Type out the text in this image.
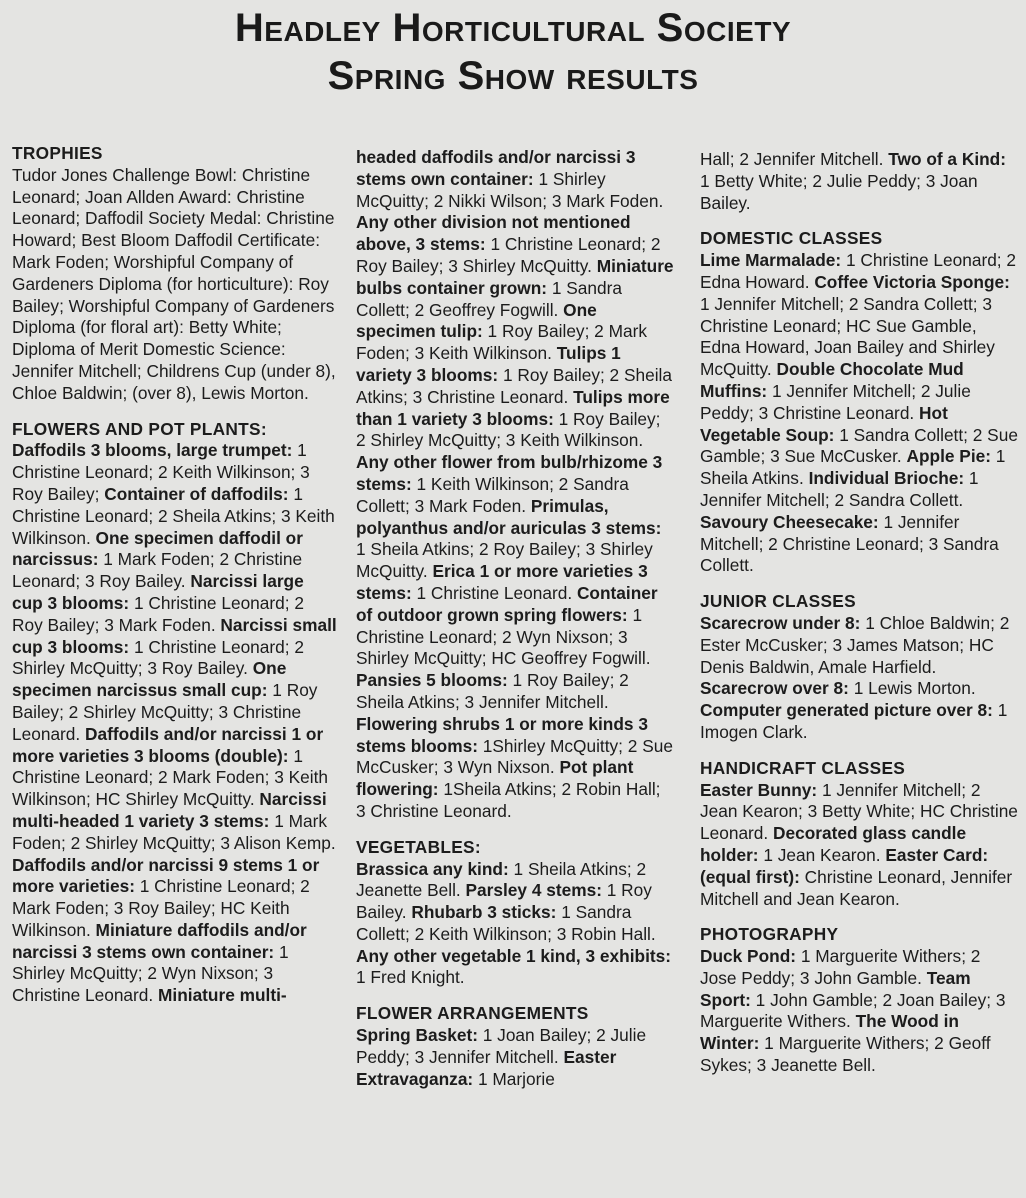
Headley Horticultural Society
Spring Show results
TROPHIES
Tudor Jones Challenge Bowl: Christine Leonard; Joan Allden Award: Christine Leonard; Daffodil Society Medal: Christine Howard; Best Bloom Daffodil Certificate: Mark Foden; Worshipful Company of Gardeners Diploma (for horticulture): Roy Bailey; Worshipful Company of Gardeners Diploma (for floral art): Betty White; Diploma of Merit Domestic Science: Jennifer Mitchell; Childrens Cup (under 8), Chloe Baldwin; (over 8), Lewis Morton.
FLOWERS AND POT PLANTS:
Daffodils 3 blooms, large trumpet: 1 Christine Leonard; 2 Keith Wilkinson; 3 Roy Bailey; Container of daffodils: 1 Christine Leonard; 2 Sheila Atkins; 3 Keith Wilkinson. One specimen daffodil or narcissus: 1 Mark Foden; 2 Christine Leonard; 3 Roy Bailey. Narcissi large cup 3 blooms: 1 Christine Leonard; 2 Roy Bailey; 3 Mark Foden. Narcissi small cup 3 blooms: 1 Christine Leonard; 2 Shirley McQuitty; 3 Roy Bailey. One specimen narcissus small cup: 1 Roy Bailey; 2 Shirley McQuitty; 3 Christine Leonard. Daffodils and/or narcissi 1 or more varieties 3 blooms (double): 1 Christine Leonard; 2 Mark Foden; 3 Keith Wilkinson; HC Shirley McQuitty. Narcissi multi-headed 1 variety 3 stems: 1 Mark Foden; 2 Shirley McQuitty; 3 Alison Kemp. Daffodils and/or narcissi 9 stems 1 or more varieties: 1 Christine Leonard; 2 Mark Foden; 3 Roy Bailey; HC Keith Wilkinson. Miniature daffodils and/or narcissi 3 stems own container: 1 Shirley McQuitty; 2 Wyn Nixson; 3 Christine Leonard. Miniature multi-
headed daffodils and/or narcissi 3 stems own container: 1 Shirley McQuitty; 2 Nikki Wilson; 3 Mark Foden. Any other division not mentioned above, 3 stems: 1 Christine Leonard; 2 Roy Bailey; 3 Shirley McQuitty. Miniature bulbs container grown: 1 Sandra Collett; 2 Geoffrey Fogwill. One specimen tulip: 1 Roy Bailey; 2 Mark Foden; 3 Keith Wilkinson. Tulips 1 variety 3 blooms: 1 Roy Bailey; 2 Sheila Atkins; 3 Christine Leonard. Tulips more than 1 variety 3 blooms: 1 Roy Bailey; 2 Shirley McQuitty; 3 Keith Wilkinson. Any other flower from bulb/rhizome 3 stems: 1 Keith Wilkinson; 2 Sandra Collett; 3 Mark Foden. Primulas, polyanthus and/or auriculas 3 stems: 1 Sheila Atkins; 2 Roy Bailey; 3 Shirley McQuitty. Erica 1 or more varieties 3 stems: 1 Christine Leonard. Container of outdoor grown spring flowers: 1 Christine Leonard; 2 Wyn Nixson; 3 Shirley McQuitty; HC Geoffrey Fogwill. Pansies 5 blooms: 1 Roy Bailey; 2 Sheila Atkins; 3 Jennifer Mitchell. Flowering shrubs 1 or more kinds 3 stems blooms: 1Shirley McQuitty; 2 Sue McCusker; 3 Wyn Nixson. Pot plant flowering: 1Sheila Atkins; 2 Robin Hall; 3 Christine Leonard.
VEGETABLES:
Brassica any kind: 1 Sheila Atkins; 2 Jeanette Bell. Parsley 4 stems: 1 Roy Bailey. Rhubarb 3 sticks: 1 Sandra Collett; 2 Keith Wilkinson; 3 Robin Hall. Any other vegetable 1 kind, 3 exhibits: 1 Fred Knight.
FLOWER ARRANGEMENTS
Spring Basket: 1 Joan Bailey; 2 Julie Peddy; 3 Jennifer Mitchell. Easter Extravaganza: 1 Marjorie
Hall; 2 Jennifer Mitchell. Two of a Kind: 1 Betty White; 2 Julie Peddy; 3 Joan Bailey.
DOMESTIC CLASSES
Lime Marmalade: 1 Christine Leonard; 2 Edna Howard. Coffee Victoria Sponge: 1 Jennifer Mitchell; 2 Sandra Collett; 3 Christine Leonard; HC Sue Gamble, Edna Howard, Joan Bailey and Shirley McQuitty. Double Chocolate Mud Muffins: 1 Jennifer Mitchell; 2 Julie Peddy; 3 Christine Leonard. Hot Vegetable Soup: 1 Sandra Collett; 2 Sue Gamble; 3 Sue McCusker. Apple Pie: 1 Sheila Atkins. Individual Brioche: 1 Jennifer Mitchell; 2 Sandra Collett. Savoury Cheesecake: 1 Jennifer Mitchell; 2 Christine Leonard; 3 Sandra Collett.
JUNIOR CLASSES
Scarecrow under 8: 1 Chloe Baldwin; 2 Ester McCusker; 3 James Matson; HC Denis Baldwin, Amale Harfield. Scarecrow over 8: 1 Lewis Morton. Computer generated picture over 8: 1 Imogen Clark.
HANDICRAFT CLASSES
Easter Bunny: 1 Jennifer Mitchell; 2 Jean Kearon; 3 Betty White; HC Christine Leonard. Decorated glass candle holder: 1 Jean Kearon. Easter Card: (equal first): Christine Leonard, Jennifer Mitchell and Jean Kearon.
PHOTOGRAPHY
Duck Pond: 1 Marguerite Withers; 2 Jose Peddy; 3 John Gamble. Team Sport: 1 John Gamble; 2 Joan Bailey; 3 Marguerite Withers. The Wood in Winter: 1 Marguerite Withers; 2 Geoff Sykes; 3 Jeanette Bell.
